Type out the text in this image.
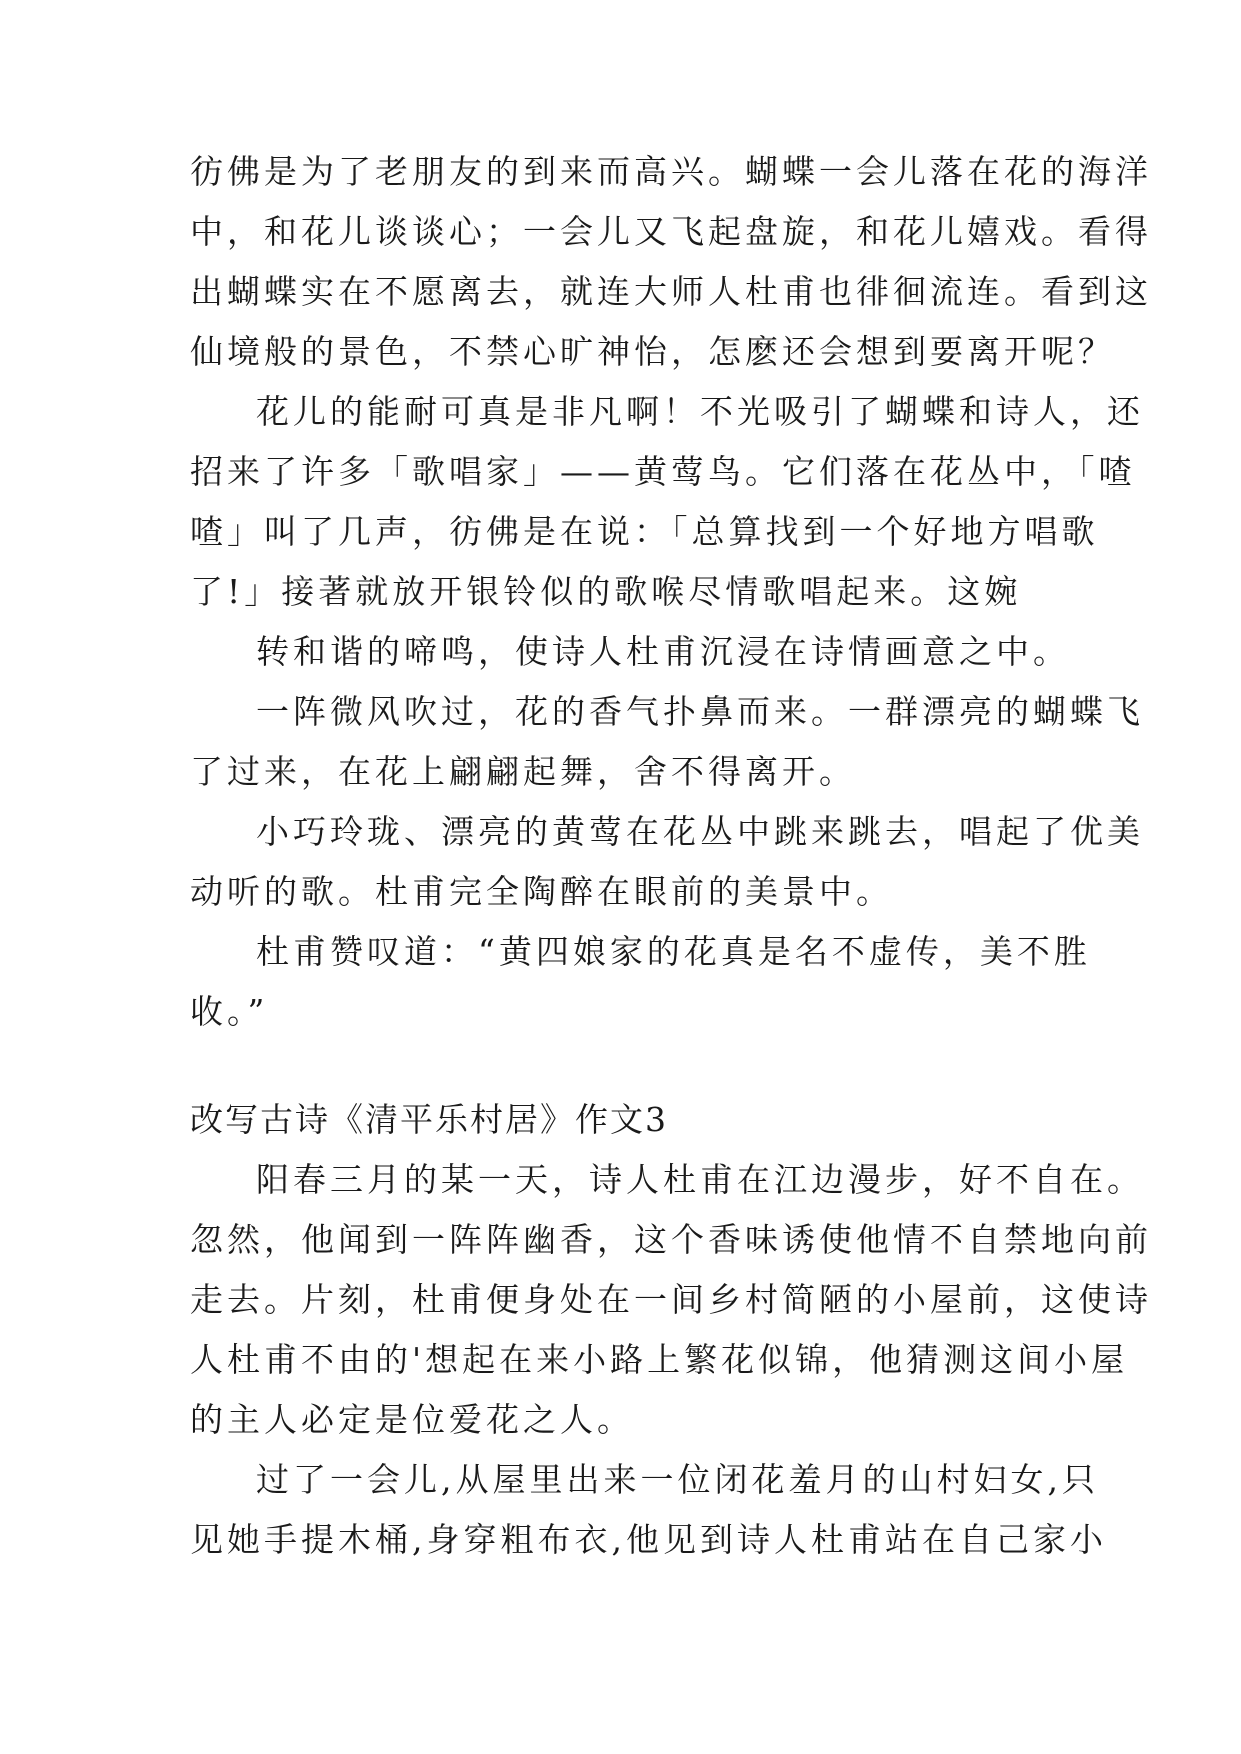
彷佛是为了老朋友的到来而高兴。蝴蝶一会儿落在花的海洋
中，和花儿谈谈心；一会儿又飞起盘旋，和花儿嬉戏。看得
出蝴蝶实在不愿离去，就连大师人杜甫也徘徊流连。看到这
仙境般的景色，不禁心旷神怡，怎麽还会想到要离开呢？
花儿的能耐可真是非凡啊！不光吸引了蝴蝶和诗人，还
招来了许多「歌唱家」——黄莺鸟。它们落在花丛中，「喳
喳」叫了几声，彷佛是在说：「总算找到一个好地方唱歌
了!」接著就放开银铃似的歌喉尽情歌唱起来。这婉
转和谐的啼鸣，使诗人杜甫沉浸在诗情画意之中。
一阵微风吹过，花的香气扑鼻而来。一群漂亮的蝴蝶飞
了过来，在花上翩翩起舞，舍不得离开。
小巧玲珑、漂亮的黄莺在花丛中跳来跳去，唱起了优美
动听的歌。杜甫完全陶醉在眼前的美景中。
杜甫赞叹道：“黄四娘家的花真是名不虚传，美不胜
收。”
改写古诗《清平乐村居》作文3
阳春三月的某一天，诗人杜甫在江边漫步，好不自在。
忽然，他闻到一阵阵幽香，这个香味诱使他情不自禁地向前
走去。片刻，杜甫便身处在一间乡村简陋的小屋前，这使诗
人杜甫不由的'想起在来小路上繁花似锦，他猜测这间小屋
的主人必定是位爱花之人。
过了一会儿,从屋里出来一位闭花羞月的山村妇女,只
见她手提木桶,身穿粗布衣,他见到诗人杜甫站在自己家小
